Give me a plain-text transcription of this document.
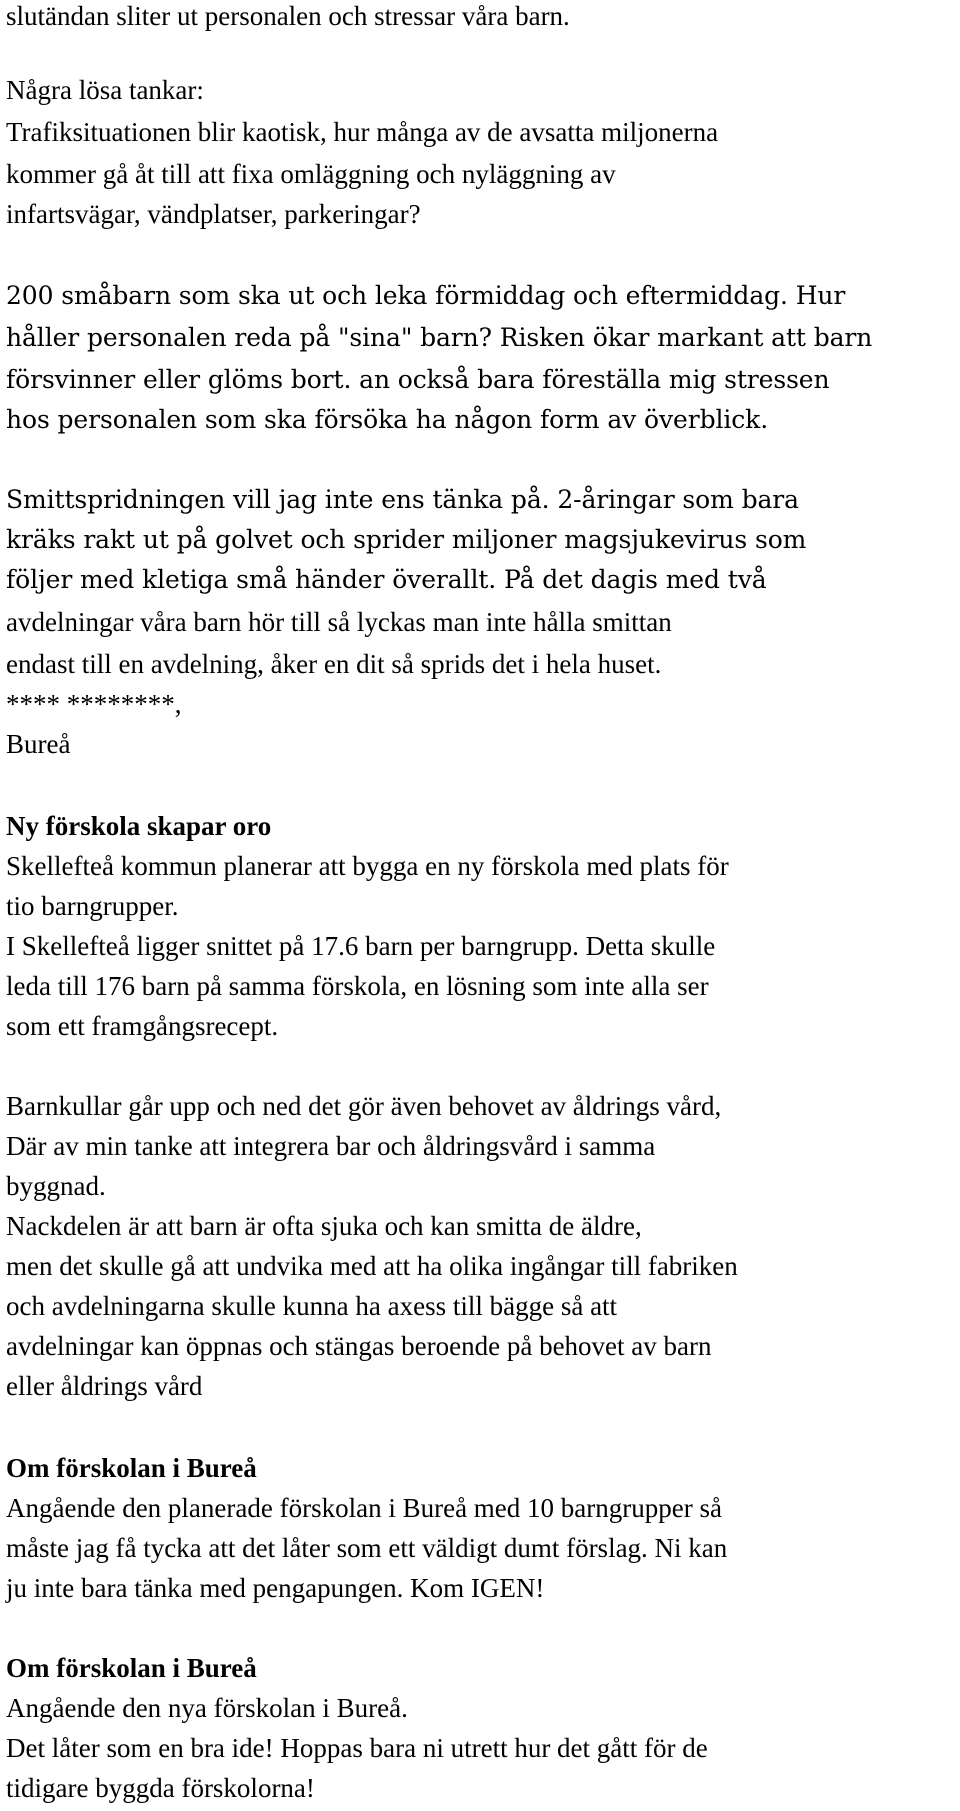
slutändan sliter ut personalen och stressar våra barn.
Några lösa tankar:
Trafiksituationen blir kaotisk, hur många av de avsatta miljonerna
kommer gå åt till att fixa omläggning och nyläggning av
infartsvägar, vändplatser, parkeringar?
200 småbarn som ska ut och leka förmiddag och eftermiddag. Hur
håller personalen reda på "sina" barn? Risken ökar markant att barn
försvinner eller glöms bort. an också bara föreställa mig stressen
hos personalen som ska försöka ha någon form av överblick.
Smittspridningen vill jag inte ens tänka på. 2-åringar som bara
kräks rakt ut på golvet och sprider miljoner magsjukevirus som
följer med kletiga små händer överallt. På det dagis med två
avdelningar våra barn hör till så lyckas man inte hålla smittan
endast till en avdelning, åker en dit så sprids det i hela huset.
**** ********,
Bureå
Ny förskola skapar oro
Skellefteå kommun planerar att bygga en ny förskola med plats för
tio barngrupper.
I Skellefteå ligger snittet på 17.6 barn per barngrupp. Detta skulle
leda till 176 barn på samma förskola, en lösning som inte alla ser
som ett framgångsrecept.
Barnkullar går upp och ned det gör även behovet av åldrings vård,
Där av min tanke att integrera bar och åldringsvård i samma
byggnad.
Nackdelen är att barn är ofta sjuka och kan smitta de äldre,
men det skulle gå att undvika med att ha olika ingångar till fabriken
och avdelningarna skulle kunna ha axess till bägge så att
avdelningar kan öppnas och stängas beroende på behovet av barn
eller åldrings vård
Om förskolan i Bureå
Angående den planerade förskolan i Bureå med 10 barngrupper så
måste jag få tycka att det låter som ett väldigt dumt förslag. Ni kan
ju inte bara tänka med pengapungen. Kom IGEN!
Om förskolan i Bureå
Angående den nya förskolan i Bureå.
Det låter som en bra ide! Hoppas bara ni utrett hur det gått för de
tidigare byggda förskolorna!
